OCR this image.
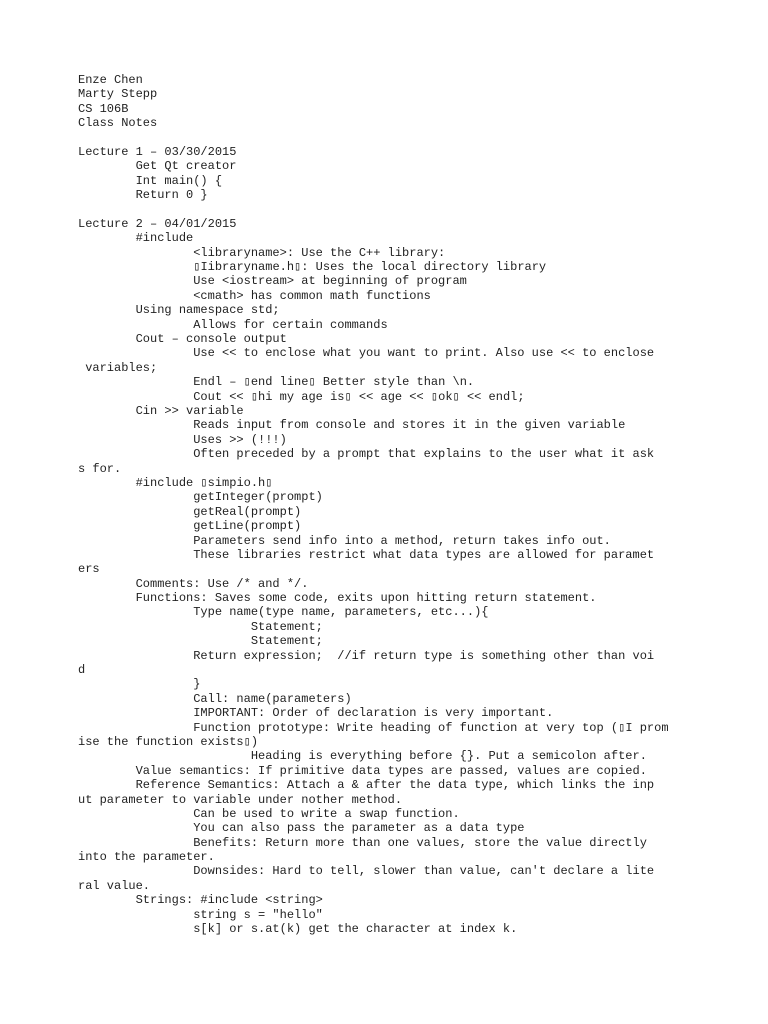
Enze Chen
Marty Stepp
CS 106B
Class Notes
Lecture 1 – 03/30/2015
Get Qt creator
Int main() {
Return 0 }
Lecture 2 – 04/01/2015
#include
<libraryname>: Use the C++ library:
▯Iibraryname.h▯: Uses the local directory library
Use <iostream> at beginning of program
<cmath> has common math functions
Using namespace std;
Allows for certain commands
Cout – console output
Use << to enclose what you want to print. Also use << to enclose
variables;
Endl – ▯end line▯ Better style than \n.
Cout << ▯hi my age is▯ << age << ▯ok▯ << endl;
Cin >> variable
Reads input from console and stores it in the given variable
Uses >> (!!!)
Often preceded by a prompt that explains to the user what it ask
s for.
#include ▯simpio.h▯
getInteger(prompt)
getReal(prompt)
getLine(prompt)
Parameters send info into a method, return takes info out.
These libraries restrict what data types are allowed for paramet
ers
Comments: Use /* and */.
Functions: Saves some code, exits upon hitting return statement.
Type name(type name, parameters, etc...){
Statement;
Statement;
Return expression;  //if return type is something other than voi
d
}
Call: name(parameters)
IMPORTANT: Order of declaration is very important.
Function prototype: Write heading of function at very top (▯I prom
ise the function exists▯)
Heading is everything before {}. Put a semicolon after.
Value semantics: If primitive data types are passed, values are copied.
Reference Semantics: Attach a & after the data type, which links the inp
ut parameter to variable under nother method.
Can be used to write a swap function.
You can also pass the parameter as a data type
Benefits: Return more than one values, store the value directly
into the parameter.
Downsides: Hard to tell, slower than value, can't declare a lite
ral value.
Strings: #include <string>
string s = "hello"
s[k] or s.at(k) get the character at index k.
